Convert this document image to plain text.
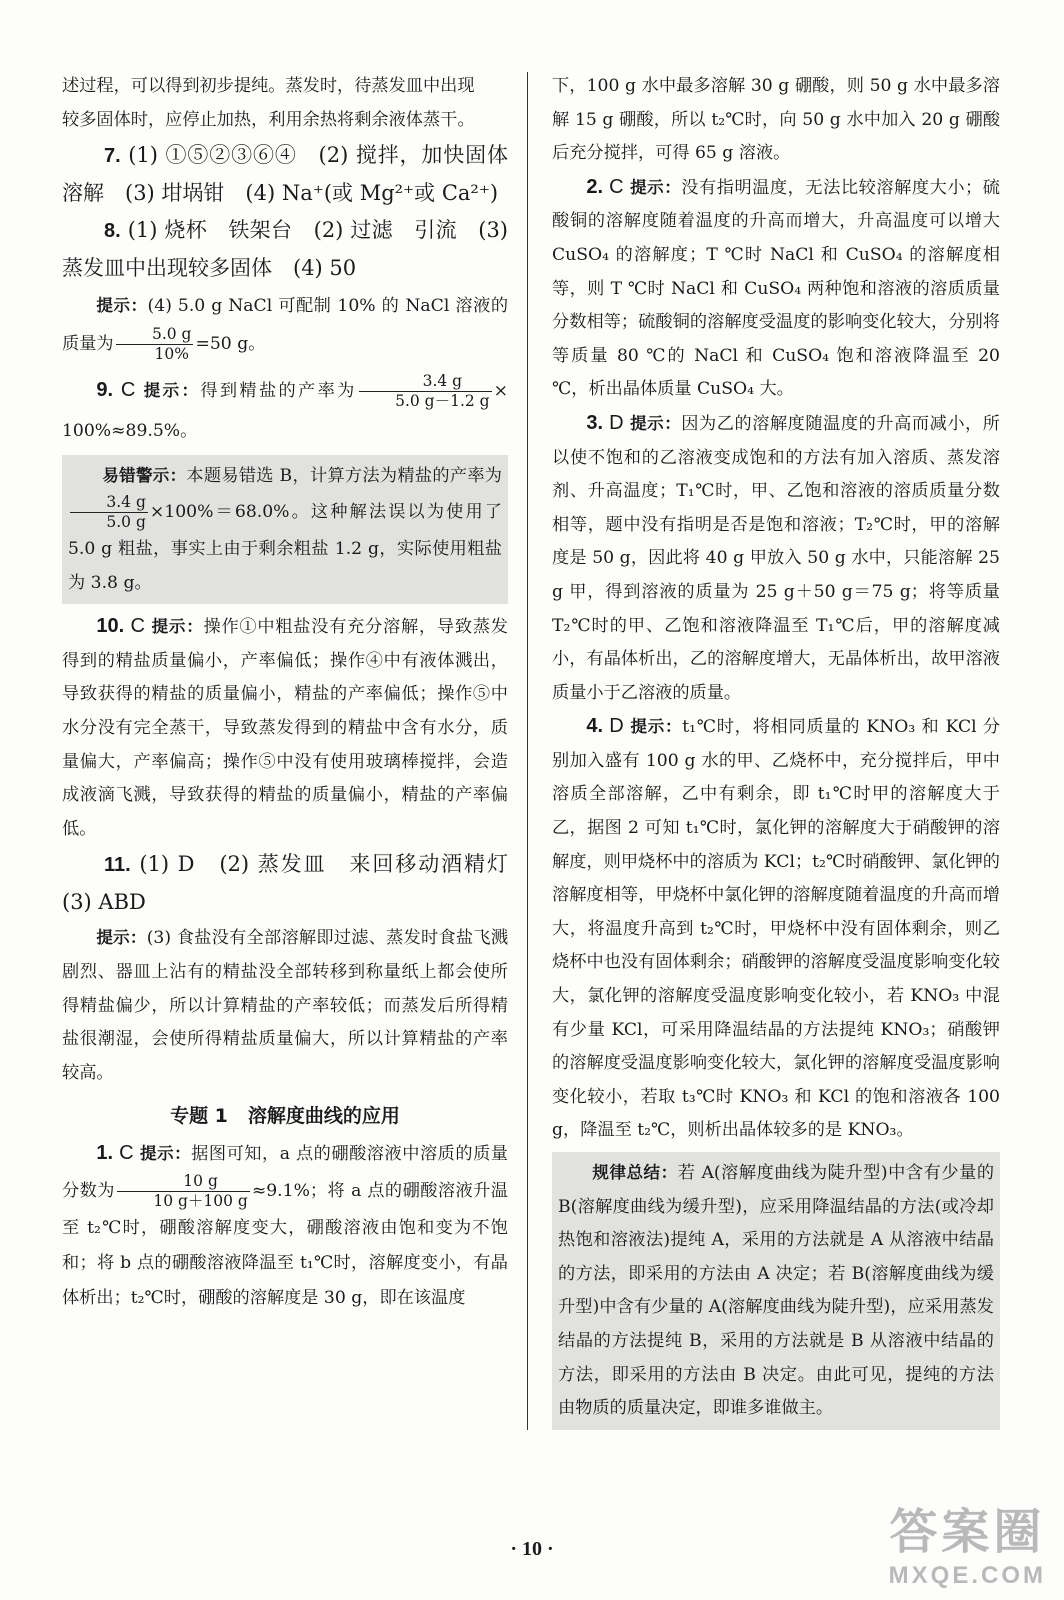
述过程，可以得到初步提纯。蒸发时，待蒸发皿中出现

较多固体时，应停止加热，利用余热将剩余液体蒸干。

7. (1) ①⑤②③⑥④　(2) 搅拌，加快固体溶解　(3) 坩埚钳　(4) Na⁺(或 Mg²⁺或 Ca²⁺)

8. (1) 烧杯　铁架台　(2) 过滤　引流　(3) 蒸发皿中出现较多固体　(4) 50

提示：(4) 5.0 g NaCl 可配制 10% 的 NaCl 溶液的质量为 $\frac{5.0 g}{10\%} =50$ g。

9. C 提示：得到精盐的产率为 $\frac{3.4 g}{5.0 g-1.2 g} \times 100\%\approx 89.5\%$。

易错警示：本题易错选 B，计算方法为精盐的产率为
$\frac{3.4 g}{5.0 g} \times 100\%=68.0\%$。这种解法误以为使用了 5.0 g 粗盐，事实上由于剩余粗盐 1.2 g，实际使用粗盐为 3.8 g。

10. C 提示：操作①中粗盐没有充分溶解，导致蒸发得到的精盐质量偏小，产率偏低；操作④中有液体溅出，导致获得的精盐的质量偏小，精盐的产率偏低；操作⑤中水分没有完全蒸干，导致蒸发得到的精盐中含有水分，质量偏大，产率偏高；操作⑤中没有使用玻璃棒搅拌，会造成液滴飞溅，导致获得的精盐的质量偏小，精盐的产率偏低。

11. (1) D　(2) 蒸发皿　来回移动酒精灯　(3) ABD

提示：(3) 食盐没有全部溶解即过滤、蒸发时食盐飞溅剧烈、器皿上沾有的精盐没全部转移到称量纸上都会使所得精盐偏少，所以计算精盐的产率较低；而蒸发后所得精盐很潮湿，会使所得精盐质量偏大，所以计算精盐的产率较高。

专题 1 溶解度曲线的应用

1. C 提示：据图可知，a 点的硼酸溶液中溶质的质量分数为 $\frac{10 g}{10 g+100 g} \approx 9.1\%$；将 a 点的硼酸溶液升温至 t₂℃时，硼酸溶解度变大，硼酸溶液由饱和变为不饱和；将 b 点的硼酸溶液降温至 t₁℃时，溶解度变小，有晶体析出；t₂℃时，硼酸的溶解度是 30 g，即在该温度

下，100 g 水中最多溶解 30 g 硼酸，则 50 g 水中最多溶解 15 g 硼酸，所以 t₂℃时，向 50 g 水中加入 20 g 硼酸后充分搅拌，可得 65 g 溶液。

2. C 提示：没有指明温度，无法比较溶解度大小；硫酸铜的溶解度随着温度的升高而增大，升高温度可以增大 CuSO₄ 的溶解度；T ℃时 NaCl 和 CuSO₄ 的溶解度相等，则 T ℃时 NaCl 和 CuSO₄ 两种饱和溶液的溶质质量分数相等；硫酸铜的溶解度受温度的影响变化较大，分别将等质量 80 ℃的 NaCl 和 CuSO₄ 饱和溶液降温至 20 ℃，析出晶体质量 CuSO₄ 大。

3. D 提示：因为乙的溶解度随温度的升高而减小，所以使不饱和的乙溶液变成饱和的方法有加入溶质、蒸发溶剂、升高温度；T₁℃时，甲、乙饱和溶液的溶质质量分数相等，题中没有指明是否是饱和溶液；T₂℃时，甲的溶解度是 50 g，因此将 40 g 甲放入 50 g 水中，只能溶解 25 g 甲，得到溶液的质量为 25 g＋50 g＝75 g；将等质量 T₂℃时的甲、乙饱和溶液降温至 T₁℃后，甲的溶解度减小，有晶体析出，乙的溶解度增大，无晶体析出，故甲溶液质量小于乙溶液的质量。

4. D 提示：t₁℃时，将相同质量的 KNO₃ 和 KCl 分别加入盛有 100 g 水的甲、乙烧杯中，充分搅拌后，甲中溶质全部溶解，乙中有剩余，即 t₁℃时甲的溶解度大于乙，据图 2 可知 t₁℃时，氯化钾的溶解度大于硝酸钾的溶解度，则甲烧杯中的溶质为 KCl；t₂℃时硝酸钾、氯化钾的溶解度相等，甲烧杯中氯化钾的溶解度随着温度的升高而增大，将温度升高到 t₂℃时，甲烧杯中没有固体剩余，则乙烧杯中也没有固体剩余；硝酸钾的溶解度受温度影响变化较大，氯化钾的溶解度受温度影响变化较小，若 KNO₃ 中混有少量 KCl，可采用降温结晶的方法提纯 KNO₃；硝酸钾的溶解度受温度影响变化较大，氯化钾的溶解度受温度影响变化较小，若取 t₃℃时 KNO₃ 和 KCl 的饱和溶液各 100 g，降温至 t₂℃，则析出晶体较多的是 KNO₃。

规律总结：若 A(溶解度曲线为陡升型)中含有少量的 B(溶解度曲线为缓升型)，应采用降温结晶的方法(或冷却热饱和溶液法)提纯 A，采用的方法就是 A 从溶液中结晶的方法，即采用的方法由 A 决定；若 B(溶解度曲线为缓升型)中含有少量的 A(溶解度曲线为陡升型)，应采用蒸发结晶的方法提纯 B，采用的方法就是 B 从溶液中结晶的方法，即采用的方法由 B 决定。由此可见，提纯的方法由物质的质量决定，即谁多谁做主。

· 10 ·	答案圈
MXQE.COM
